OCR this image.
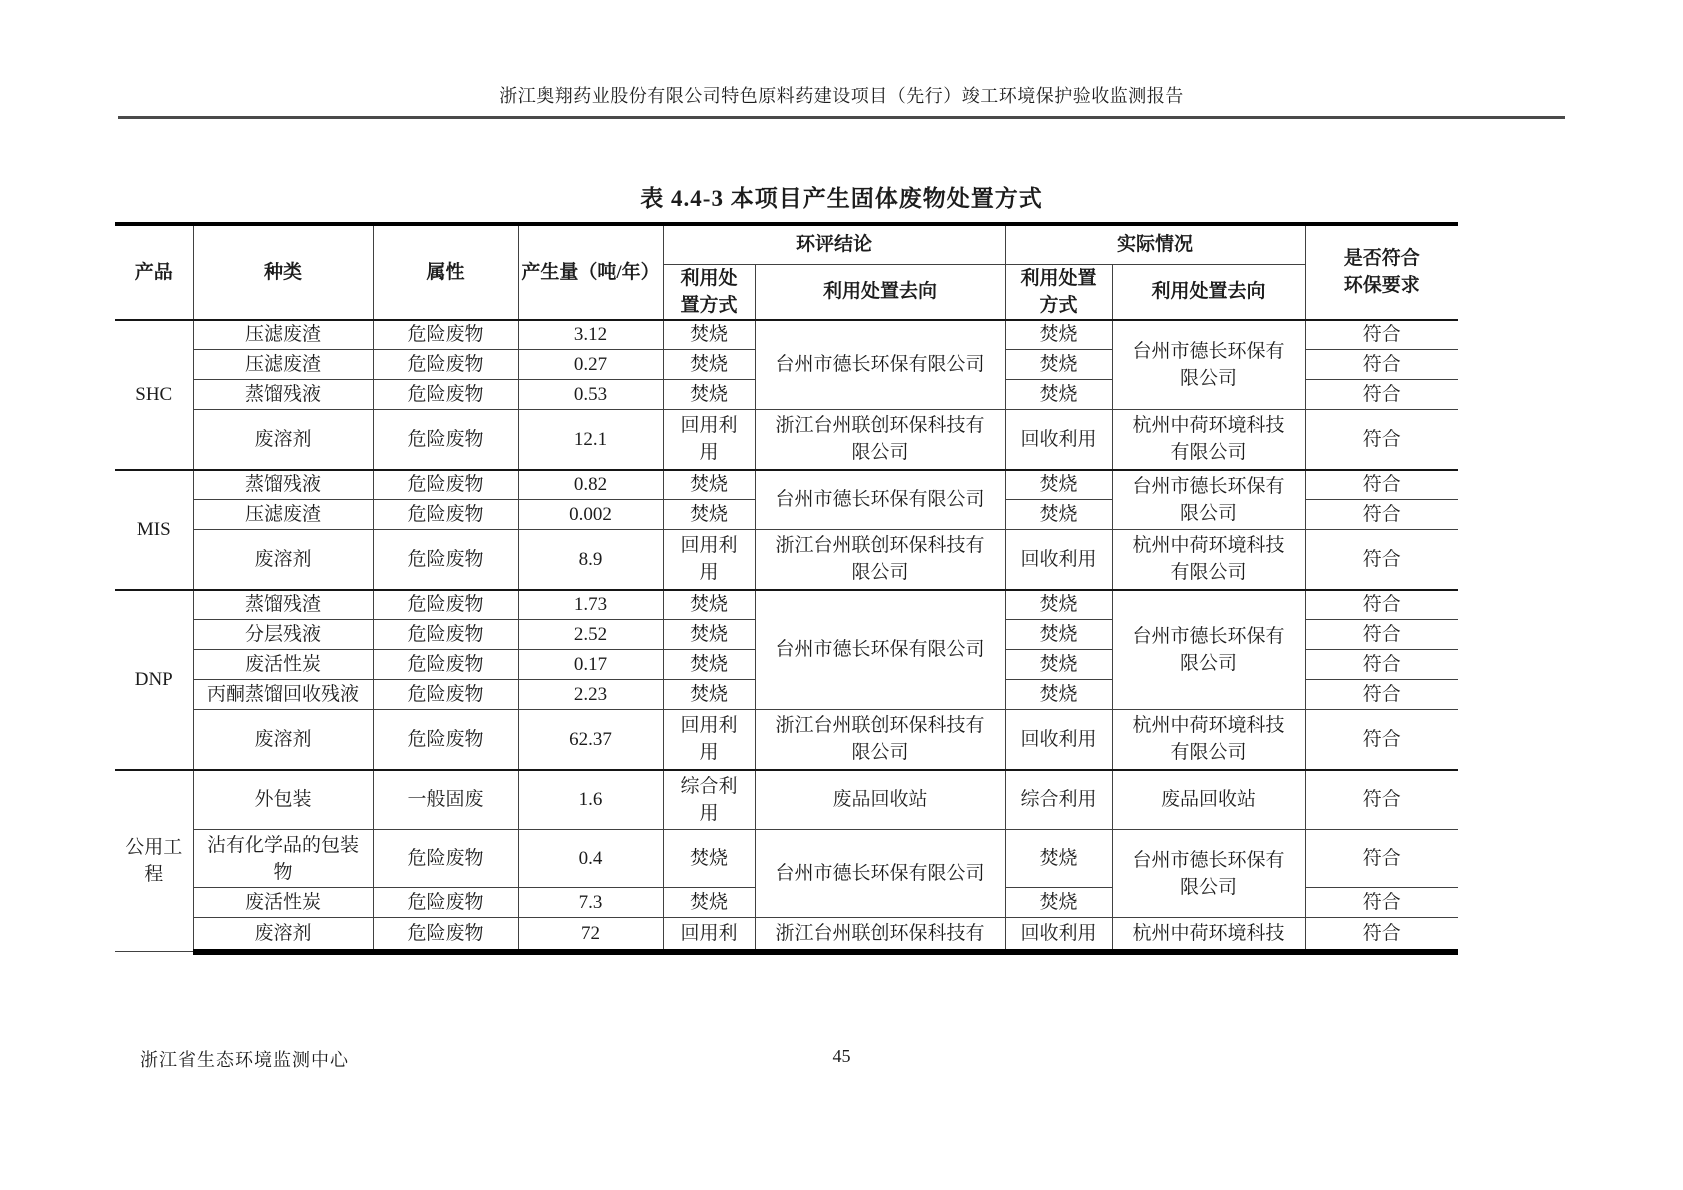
浙江奥翔药业股份有限公司特色原料药建设项目（先行）竣工环境保护验收监测报告
表 4.4-3 本项目产生固体废物处置方式
产品	种类	属性	产生量（吨/年）	环评结论		实际情况		是否符合环保要求

				利用处置方式	利用处置去向	利用处置方式	利用处置去向	
SHC	压滤废渣	危险废物	3.12	焚烧	台州市德长环保有限公司	焚烧	台州市德长环保有限公司	符合
	压滤废渣	危险废物	0.27	焚烧		焚烧		符合
	蒸馏残液	危险废物	0.53	焚烧		焚烧		符合
	废溶剂	危险废物	12.1	回用利用	浙江台州联创环保科技有限公司	回收利用	杭州中荷环境科技有限公司	符合
MIS	蒸馏残液	危险废物	0.82	焚烧	台州市德长环保有限公司	焚烧	台州市德长环保有限公司	符合
	压滤废渣	危险废物	0.002	焚烧		焚烧		符合
	废溶剂	危险废物	8.9	回用利用	浙江台州联创环保科技有限公司	回收利用	杭州中荷环境科技有限公司	符合
DNP	蒸馏残渣	危险废物	1.73	焚烧	台州市德长环保有限公司	焚烧	台州市德长环保有限公司	符合
	分层残液	危险废物	2.52	焚烧		焚烧		符合
	废活性炭	危险废物	0.17	焚烧		焚烧		符合
	丙酮蒸馏回收残液	危险废物	2.23	焚烧		焚烧		符合
	废溶剂	危险废物	62.37	回用利用	浙江台州联创环保科技有限公司	回收利用	杭州中荷环境科技有限公司	符合
公用工程	外包装	一般固废	1.6	综合利用	废品回收站	综合利用	废品回收站	符合
	沾有化学品的包装物	危险废物	0.4	焚烧	台州市德长环保有限公司	焚烧	台州市德长环保有限公司	符合
	废活性炭	危险废物	7.3	焚烧		焚烧		符合
	废溶剂	危险废物	72	回用利	浙江台州联创环保科技有	回收利用	杭州中荷环境科技	符合
浙江省生态环境监测中心	45
